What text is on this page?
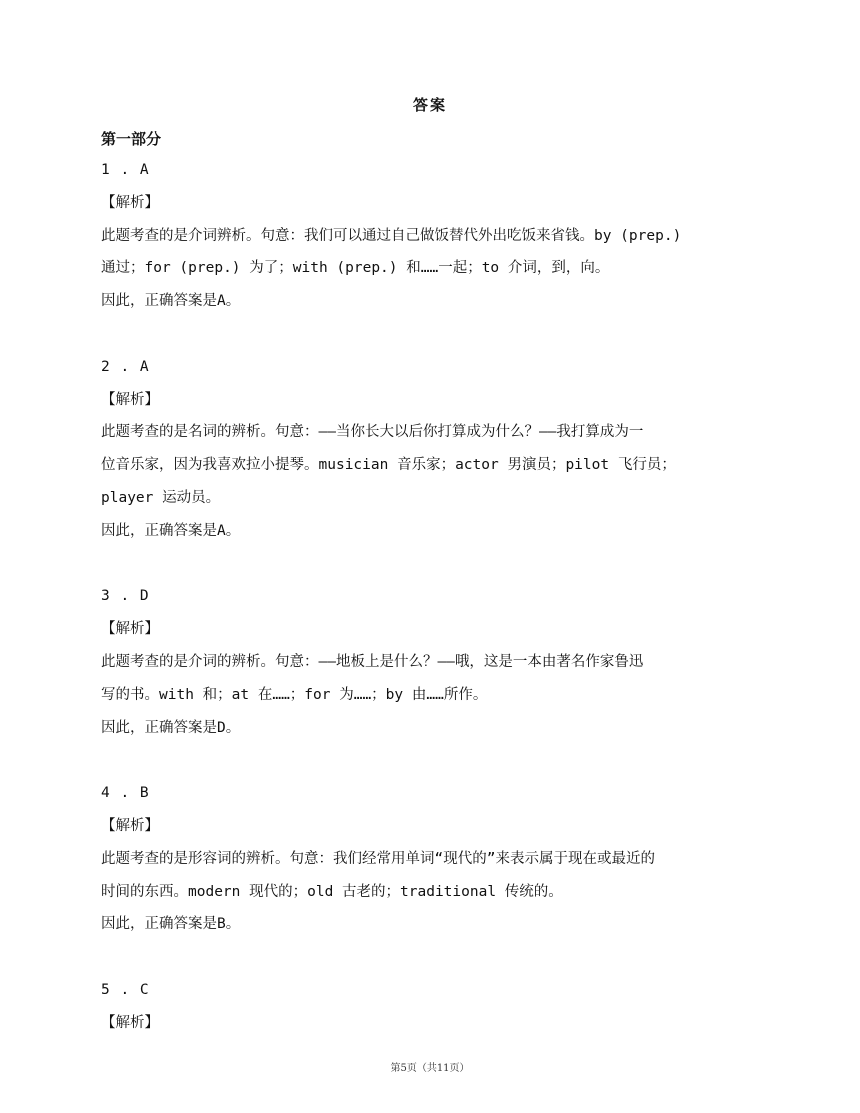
答案
第一部分
1 . A
【解析】
此题考查的是介词辨析。句意：我们可以通过自己做饭替代外出吃饭来省钱。by (prep.)
通过；for (prep.) 为了；with (prep.) 和……一起；to 介词，到，向。
因此，正确答案是A。
2 . A
【解析】
此题考查的是名词的辨析。句意：——当你长大以后你打算成为什么？——我打算成为一
位音乐家，因为我喜欢拉小提琴。musician 音乐家；actor 男演员；pilot 飞行员；
player 运动员。
因此，正确答案是A。
3 . D
【解析】
此题考查的是介词的辨析。句意：——地板上是什么？——哦，这是一本由著名作家鲁迅
写的书。with 和；at 在……；for 为……；by 由……所作。
因此，正确答案是D。
4 . B
【解析】
此题考查的是形容词的辨析。句意：我们经常用单词“现代的”来表示属于现在或最近的
时间的东西。modern 现代的；old 古老的；traditional 传统的。
因此，正确答案是B。
5 . C
【解析】
第5页（共11页）
